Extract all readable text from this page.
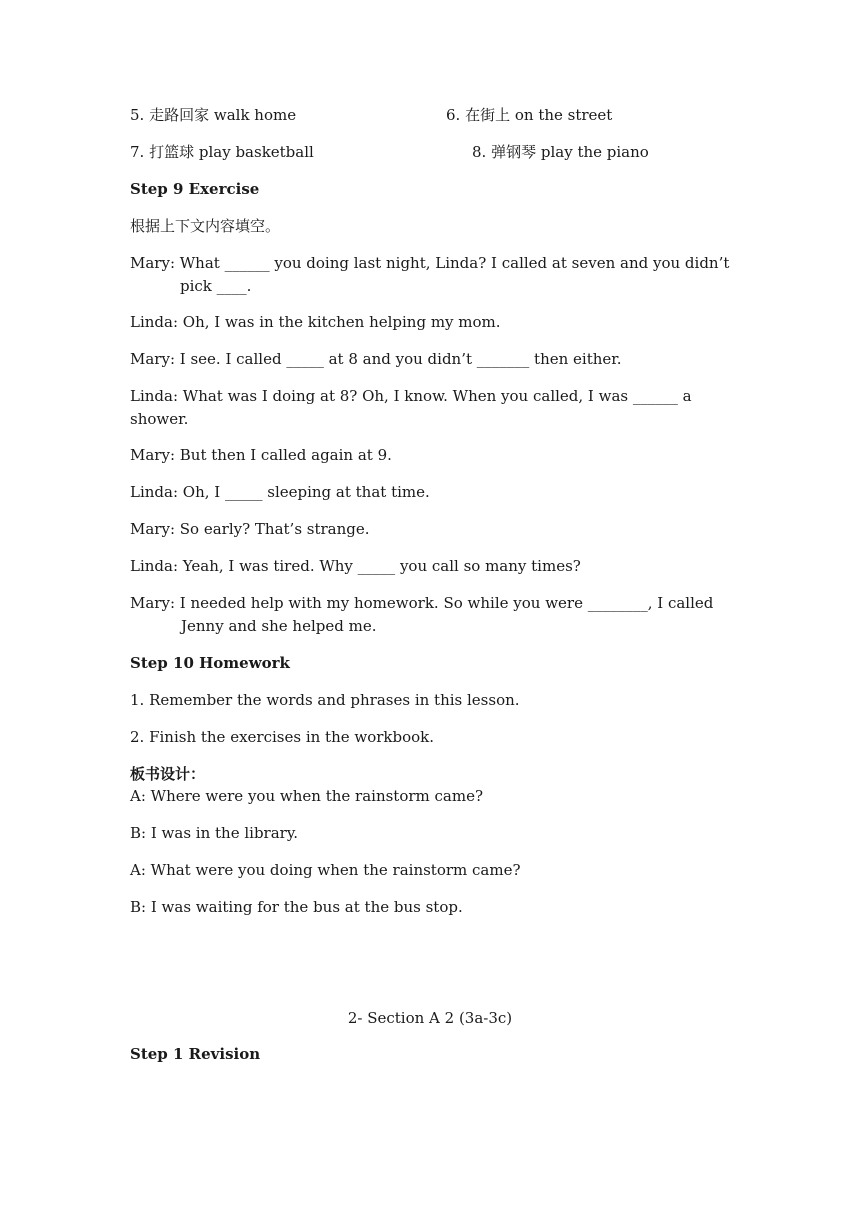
5. 走路回家 walk home	6. 在街上 on the street
7. 打篮球 play basketball	8. 弹钢琴 play the piano
Step 9 Exercise
根据上下文内容填空。
Mary: What ______ you doing last night, Linda? I called at seven and you didn’t pick ____.
Linda: Oh, I was in the kitchen helping my mom.
Mary: I see. I called _____ at 8 and you didn’t _______ then either.
Linda: What was I doing at 8? Oh, I know. When you called, I was ______ a shower.
Mary: But then I called again at 9.
Linda: Oh, I _____ sleeping at that time.
Mary: So early? That’s strange.
Linda: Yeah, I was tired. Why _____ you call so many times?
Mary: I needed help with my homework. So while you were ________, I called Jenny and she helped me.
Step 10 Homework
1. Remember the words and phrases in this lesson.
2. Finish the exercises in the workbook.
板书设计：
A: Where were you when the rainstorm came?
B: I was in the library.
A: What were you doing when the rainstorm came?
B: I was waiting for the bus at the bus stop.
2- Section A 2 (3a-3c)
Step 1 Revision
